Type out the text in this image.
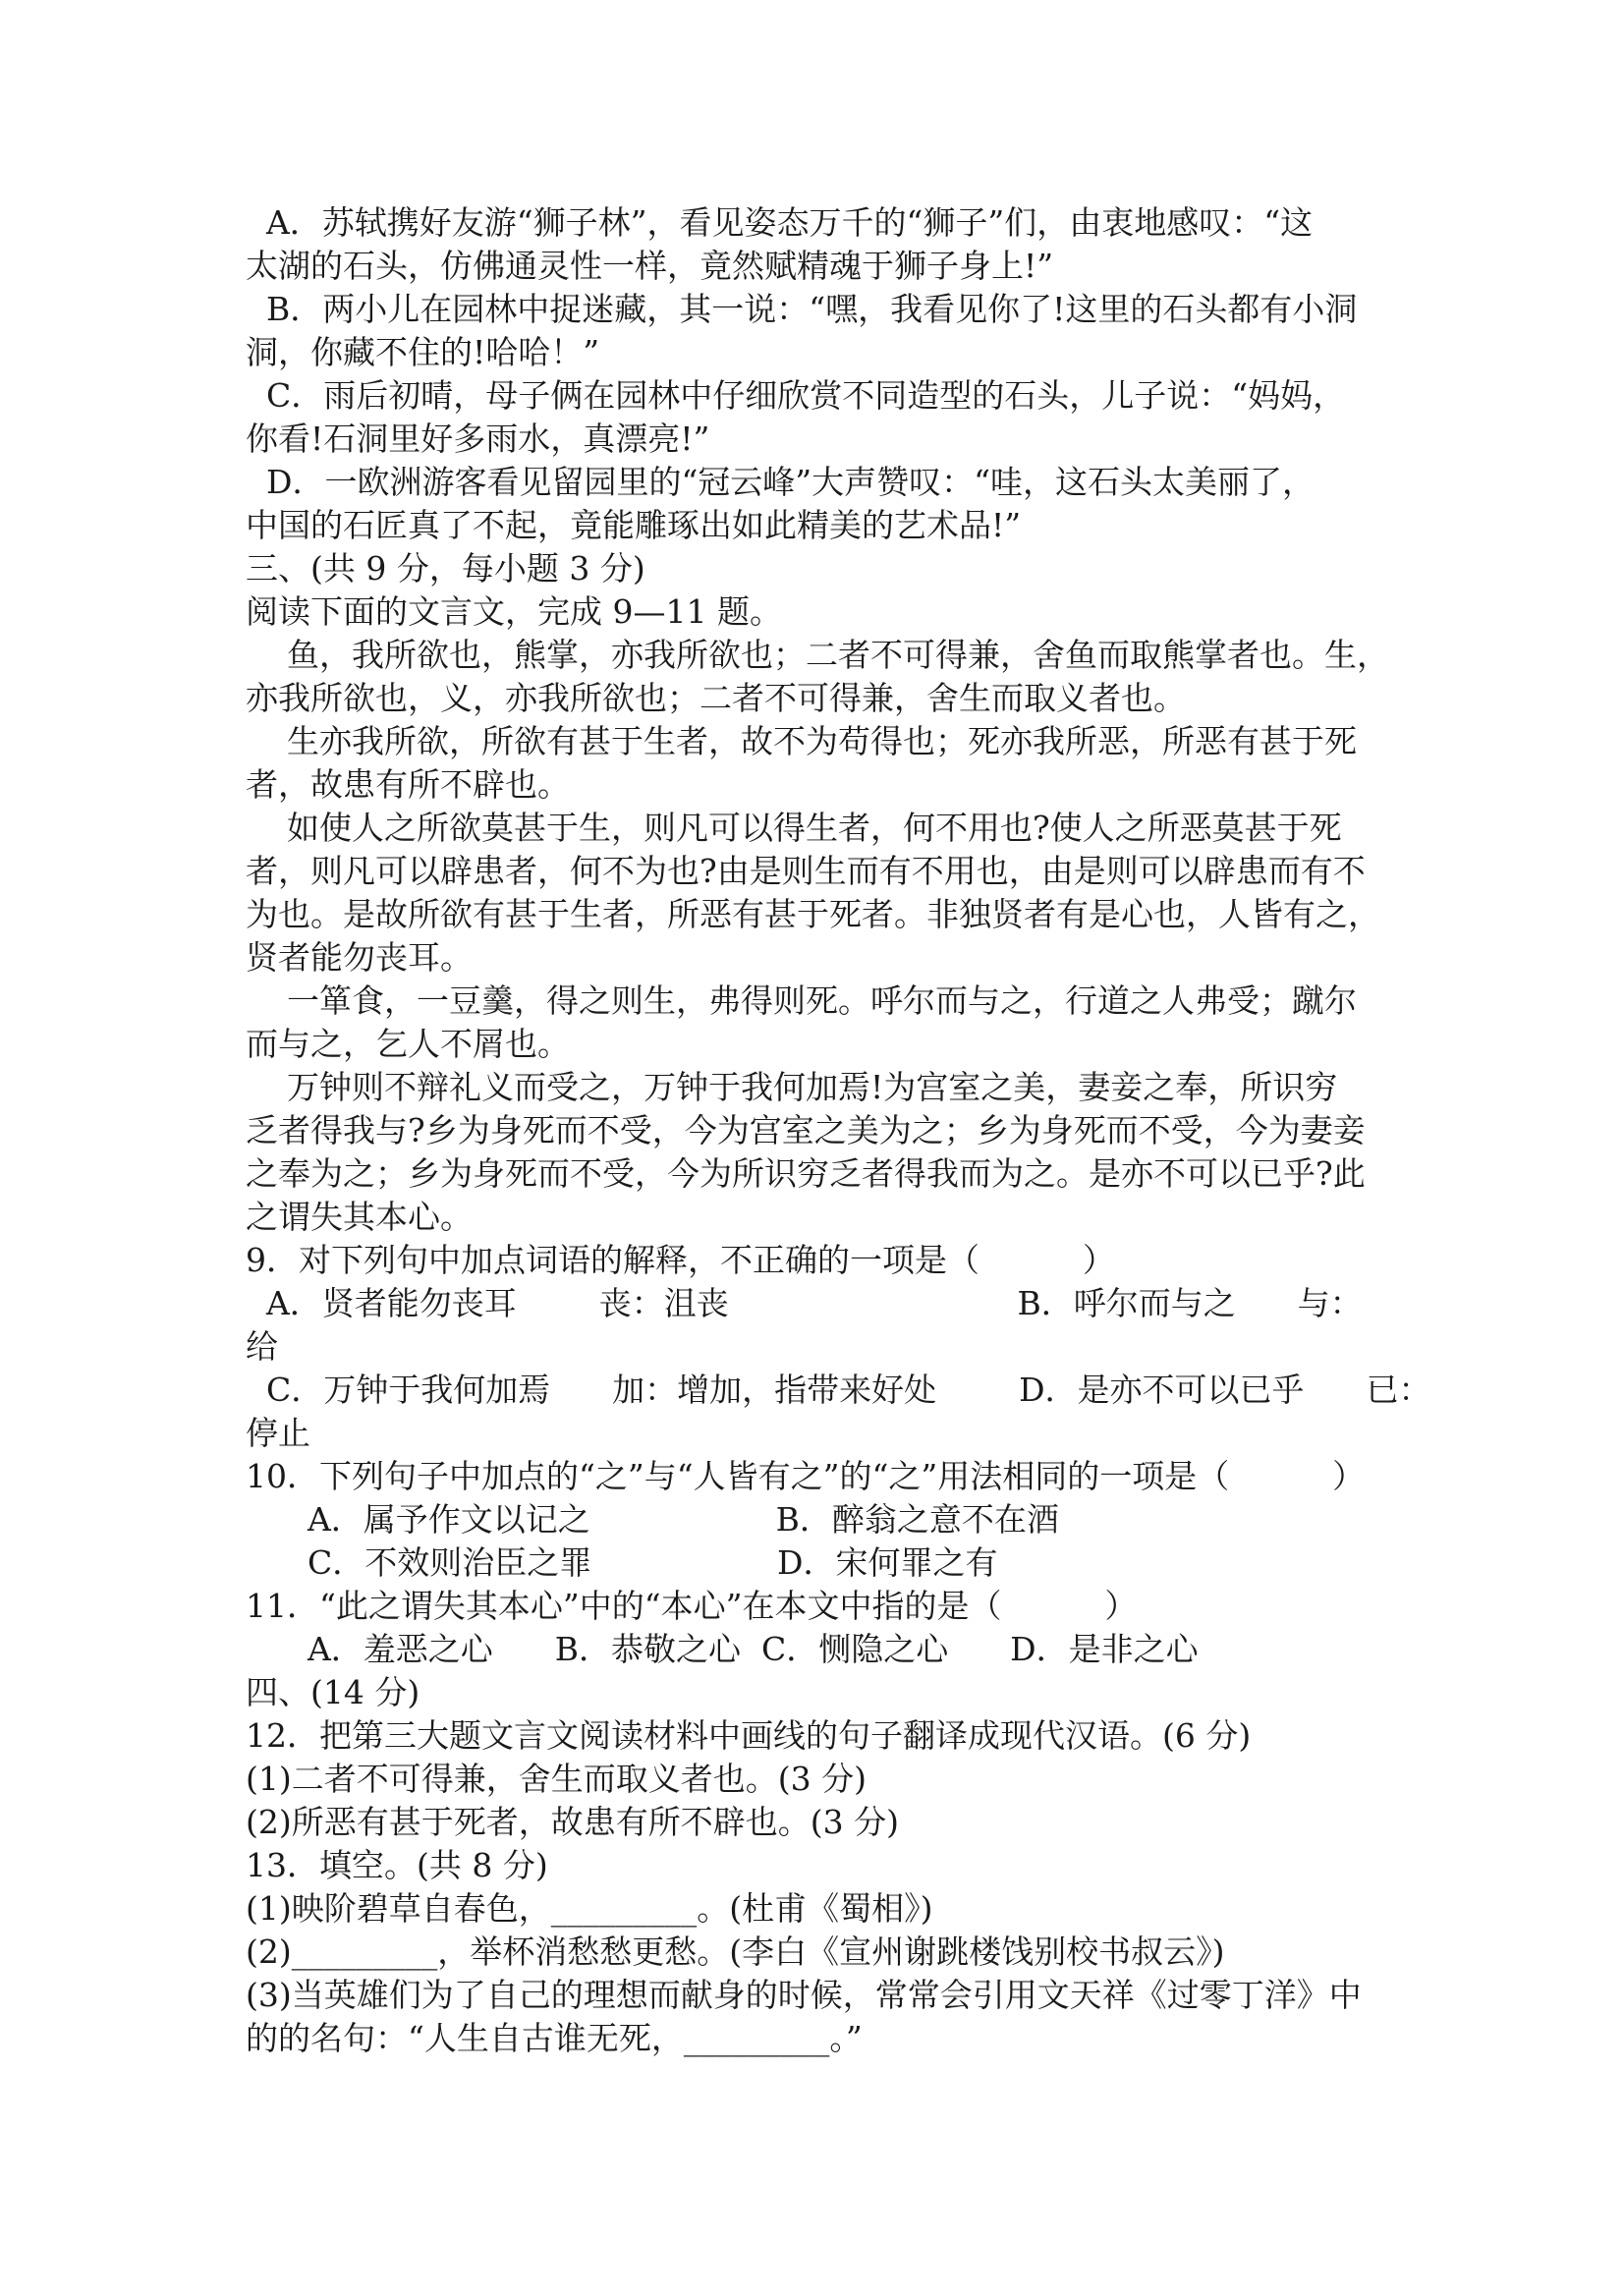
A．苏轼携好友游“狮子林”，看见姿态万千的“狮子”们，由衷地感叹：“这
太湖的石头，仿佛通灵性一样，竟然赋精魂于狮子身上!”
B．两小儿在园林中捉迷藏，其一说：“嘿，我看见你了!这里的石头都有小洞
洞，你藏不住的!哈哈！”
C．雨后初晴，母子俩在园林中仔细欣赏不同造型的石头，儿子说：“妈妈，
你看!石洞里好多雨水，真漂亮!”
D．一欧洲游客看见留园里的“冠云峰”大声赞叹：“哇，这石头太美丽了，
中国的石匠真了不起，竟能雕琢出如此精美的艺术品!”
三、(共 9 分，每小题 3 分)
阅读下面的文言文，完成 9—11 题。
鱼，我所欲也，熊掌，亦我所欲也；二者不可得兼，舍鱼而取熊掌者也。生，
亦我所欲也，义，亦我所欲也；二者不可得兼，舍生而取义者也。
生亦我所欲，所欲有甚于生者，故不为苟得也；死亦我所恶，所恶有甚于死
者，故患有所不辟也。
如使人之所欲莫甚于生，则凡可以得生者，何不用也?使人之所恶莫甚于死
者，则凡可以辟患者，何不为也?由是则生而有不用也，由是则可以辟患而有不
为也。是故所欲有甚于生者，所恶有甚于死者。非独贤者有是心也，人皆有之，
贤者能勿丧耳。
一箪食，一豆羹，得之则生，弗得则死。呼尔而与之，行道之人弗受；蹴尔
而与之，乞人不屑也。
万钟则不辩礼义而受之，万钟于我何加焉!为宫室之美，妻妾之奉，所识穷
乏者得我与?乡为身死而不受，今为宫室之美为之；乡为身死而不受，今为妻妾
之奉为之；乡为身死而不受，今为所识穷乏者得我而为之。是亦不可以已乎?此
之谓失其本心。
9．对下列句中加点词语的解释，不正确的一项是（          ）
A．贤者能勿丧耳        丧：沮丧                            B．呼尔而与之      与：
给
C．万钟于我何加焉      加：增加，指带来好处        D．是亦不可以已乎      已：
停止
10．下列句子中加点的“之”与“人皆有之”的“之”用法相同的一项是（          ）
A．属予作文以记之                  B．醉翁之意不在酒
C．不效则治臣之罪                  D．宋何罪之有
11．“此之谓失其本心”中的“本心”在本文中指的是（          ）
A．羞恶之心      B．恭敬之心  C．恻隐之心      D．是非之心
四、(14 分)
12．把第三大题文言文阅读材料中画线的句子翻译成现代汉语。(6 分)
(1)二者不可得兼，舍生而取义者也。(3 分)
(2)所恶有甚于死者，故患有所不辟也。(3 分)
13．填空。(共 8 分)
(1)映阶碧草自春色，_________。(杜甫《蜀相》)
(2)_________，举杯消愁愁更愁。(李白《宣州谢跳楼饯别校书叔云》)
(3)当英雄们为了自己的理想而献身的时候，常常会引用文天祥《过零丁洋》中
的的名句：“人生自古谁无死，_________。”
